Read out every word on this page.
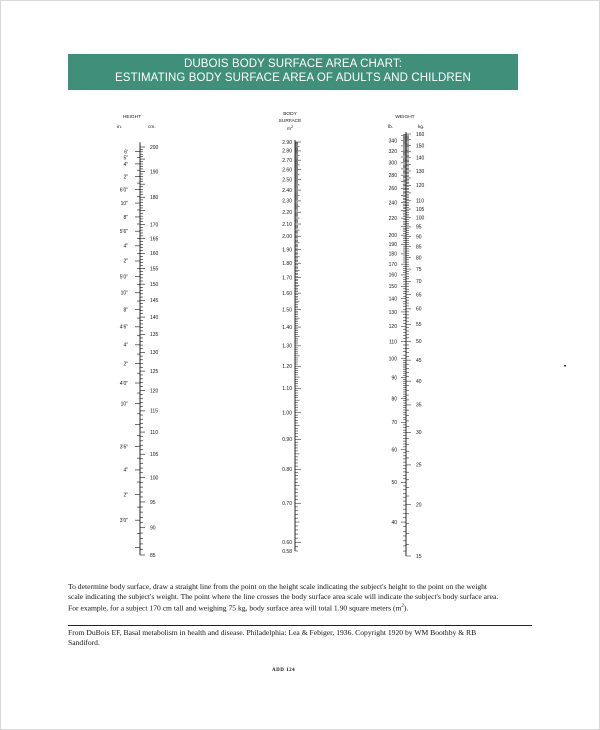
DUBOIS BODY SURFACE AREA CHART:
ESTIMATING BODY SURFACE AREA OF ADULTS AND CHILDREN
HEIGHT
in.	cm.
200
190
180
170
165
160
155
150
145
140
135
130
125
120
115
110
105
100
95
90
85
6'
5"
4"
2"
6'0"
10"
8"
5'6"
4"
2"
5'0"
10"
8"
4'6"
4"
2"
4'0"
10"
3'6"
4"
2"
3'0"
BODY
SURFACE
$m^2$
2.90
2.80
2.70
2.60
2.50
2.40
2.30
2.20
2.10
2.00
1.90
1.80
1.70
1.60
1.50
1.40
1.30
1.20
1.10
1.00
0.90
0.80
0.70
0.60
0.58
WEIGHT
lb.	kg.
160
150
140
130
120
110
105
100
95
90
85
80
75
70
65
60
55
50
45
40
35
30
25
20
15
340
320
300
280
260
240
220
200
190
180
170
160
150
140
130
120
110
100
90
80
70
60
50
40
To determine body surface, draw a straight line from the point on the height scale indicating the subject's height to the point on the weight
scale indicating the subject's weight. The point where the line crosses the body surface area scale will indicate the subject's body surface area.
For example, for a subject 170 cm tall and weighing 75 kg, body surface area will total 1.90 square meters $(m^2)$.
From DuBois EF, Basal metabolism in health and disease. Philadelphia: Lea & Febiger, 1936. Copyright 1920 by WM Boothby & RB
Sandiford.
ADD 124
